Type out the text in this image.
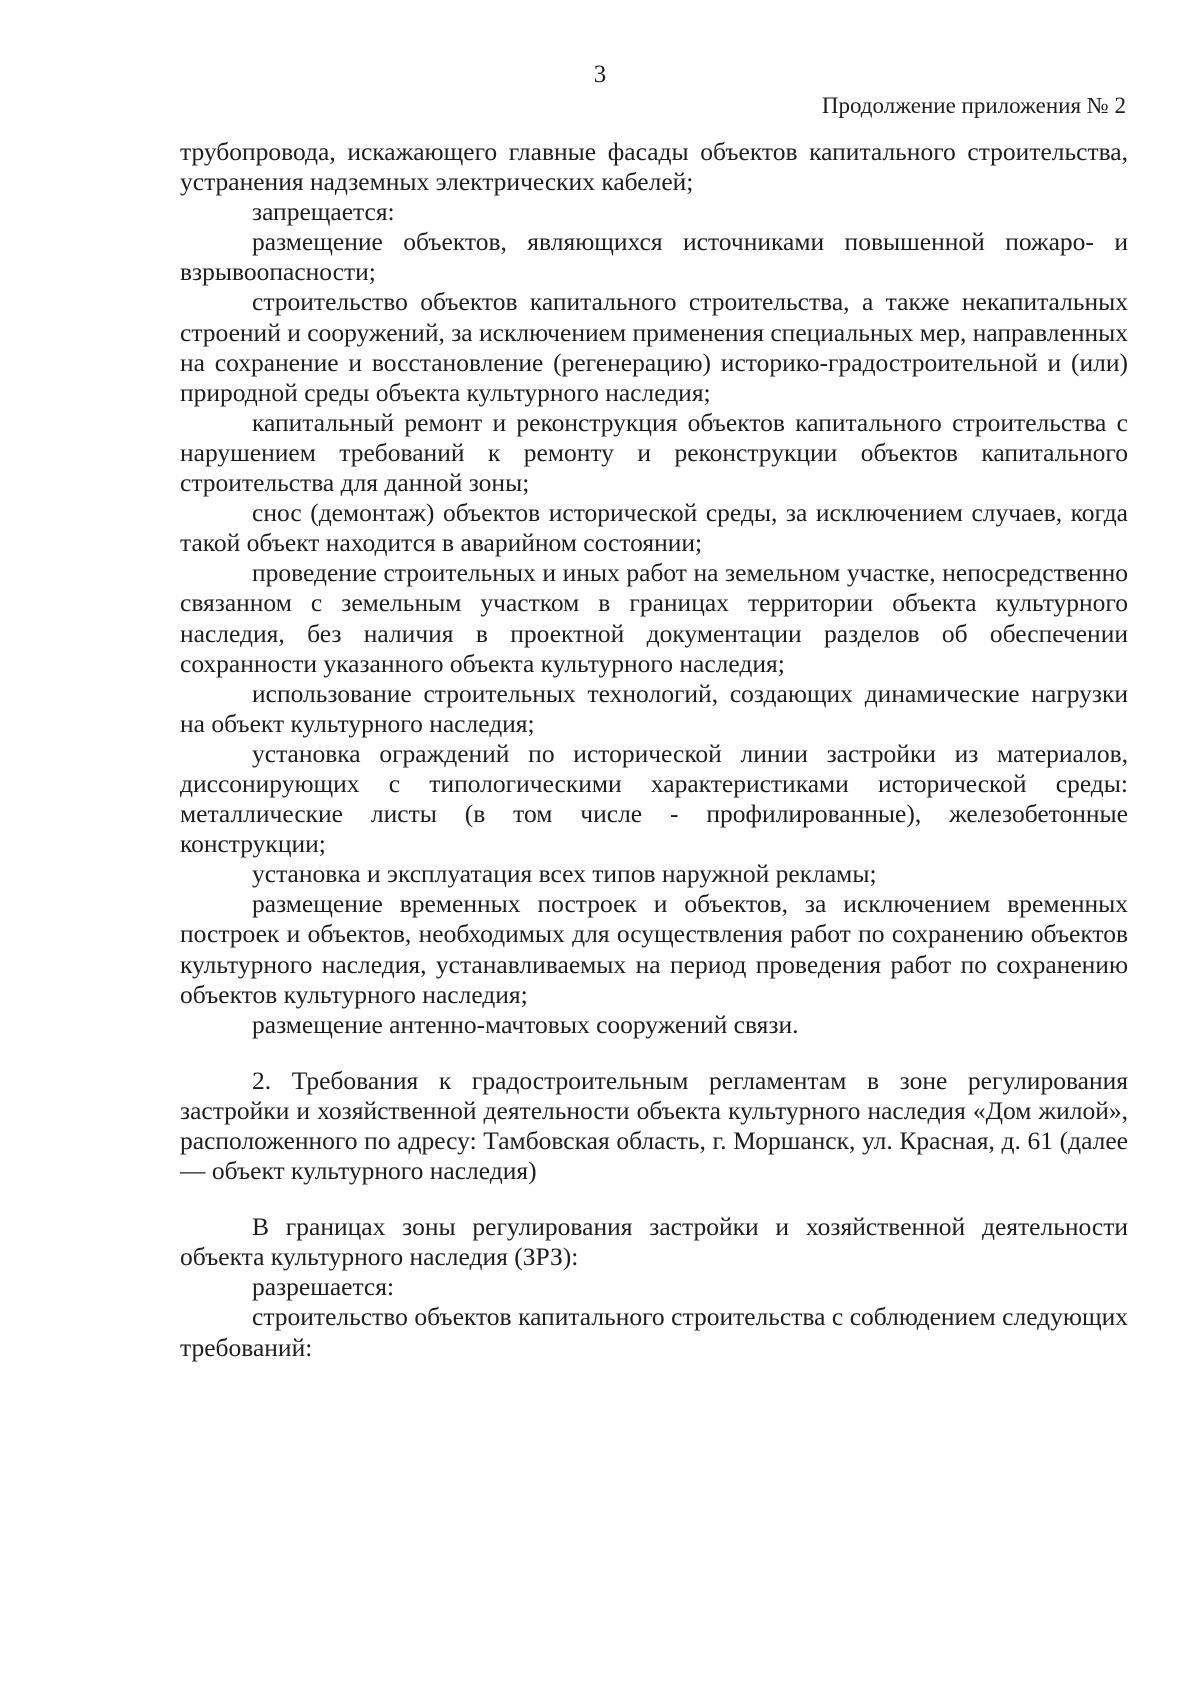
3
Продолжение приложения № 2

трубопровода, искажающего главные фасады объектов капитального строительства, устранения надземных электрических кабелей;

запрещается:

размещение объектов, являющихся источниками повышенной пожаро- и взрывоопасности;

строительство объектов капитального строительства, а также некапитальных строений и сооружений, за исключением применения специальных мер, направленных на сохранение и восстановление (регенерацию) историко-градостроительной и (или) природной среды объекта культурного наследия;

капитальный ремонт и реконструкция объектов капитального строительства с нарушением требований к ремонту и реконструкции объектов капитального строительства для данной зоны;

снос (демонтаж) объектов исторической среды, за исключением случаев, когда такой объект находится в аварийном состоянии;

проведение строительных и иных работ на земельном участке, непосредственно связанном с земельным участком в границах территории объекта культурного наследия, без наличия в проектной документации разделов об обеспечении сохранности указанного объекта культурного наследия;

использование строительных технологий, создающих динамические нагрузки на объект культурного наследия;

установка ограждений по исторической линии застройки из материалов, диссонирующих с типологическими характеристиками исторической среды: металлические листы (в том числе - профилированные), железобетонные конструкции;

установка и эксплуатация всех типов наружной рекламы;

размещение временных построек и объектов, за исключением временных построек и объектов, необходимых для осуществления работ по сохранению объектов культурного наследия, устанавливаемых на период проведения работ по сохранению объектов культурного наследия;

размещение антенно-мачтовых сооружений связи.

2. Требования к градостроительным регламентам в зоне регулирования застройки и хозяйственной деятельности объекта культурного наследия «Дом жилой», расположенного по адресу: Тамбовская область, г. Моршанск, ул. Красная, д. 61 (далее — объект культурного наследия)

В границах зоны регулирования застройки и хозяйственной деятельности объекта культурного наследия (ЗРЗ):

разрешается:

строительство объектов капитального строительства с соблюдением следующих требований:
